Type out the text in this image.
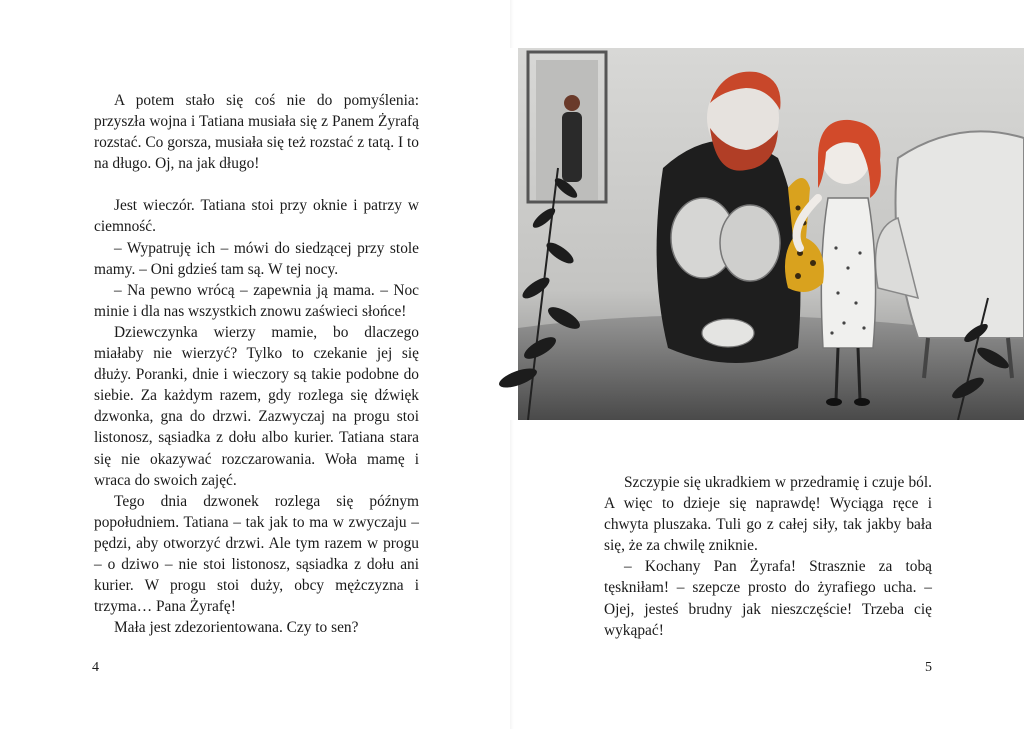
A potem stało się coś nie do pomyślenia: przyszła wojna i Tatiana musiała się z Panem Żyrafą rozstać. Co gorsza, musiała się też rozstać z tatą. I to na długo. Oj, na jak długo!

Jest wieczór. Tatiana stoi przy oknie i patrzy w ciemność.

– Wypatruję ich – mówi do siedzącej przy stole mamy. – Oni gdzieś tam są. W tej nocy.

– Na pewno wrócą – zapewnia ją mama. – Noc minie i dla nas wszystkich znowu zaświeci słońce!

Dziewczynka wierzy mamie, bo dlaczego miałaby nie wierzyć? Tylko to czekanie jej się dłuży. Poranki, dnie i wieczory są takie podobne do siebie. Za każdym razem, gdy rozlega się dźwięk dzwonka, gna do drzwi. Zazwyczaj na progu stoi listonosz, sąsiadka z dołu albo kurier. Tatiana stara się nie okazywać rozczarowania. Woła mamę i wraca do swoich zajęć.

Tego dnia dzwonek rozlega się późnym popołudniem. Tatiana – tak jak to ma w zwyczaju – pędzi, aby otworzyć drzwi. Ale tym razem w progu – o dziwo – nie stoi listonosz, sąsiadka z dołu ani kurier. W progu stoi duży, obcy mężczyzna i trzyma… Pana Żyrafę!

Mała jest zdezorientowana. Czy to sen?

4

Szczypie się ukradkiem w przedramię i czuje ból. A więc to dzieje się naprawdę! Wyciąga ręce i chwyta pluszaka. Tuli go z całej siły, tak jakby bała się, że za chwilę zniknie.

– Kochany Pan Żyrafa! Strasznie za tobą tęskniłam! – szepcze prosto do żyrafiego ucha. – Ojej, jesteś brudny jak nieszczęście! Trzeba cię wykąpać!

5
